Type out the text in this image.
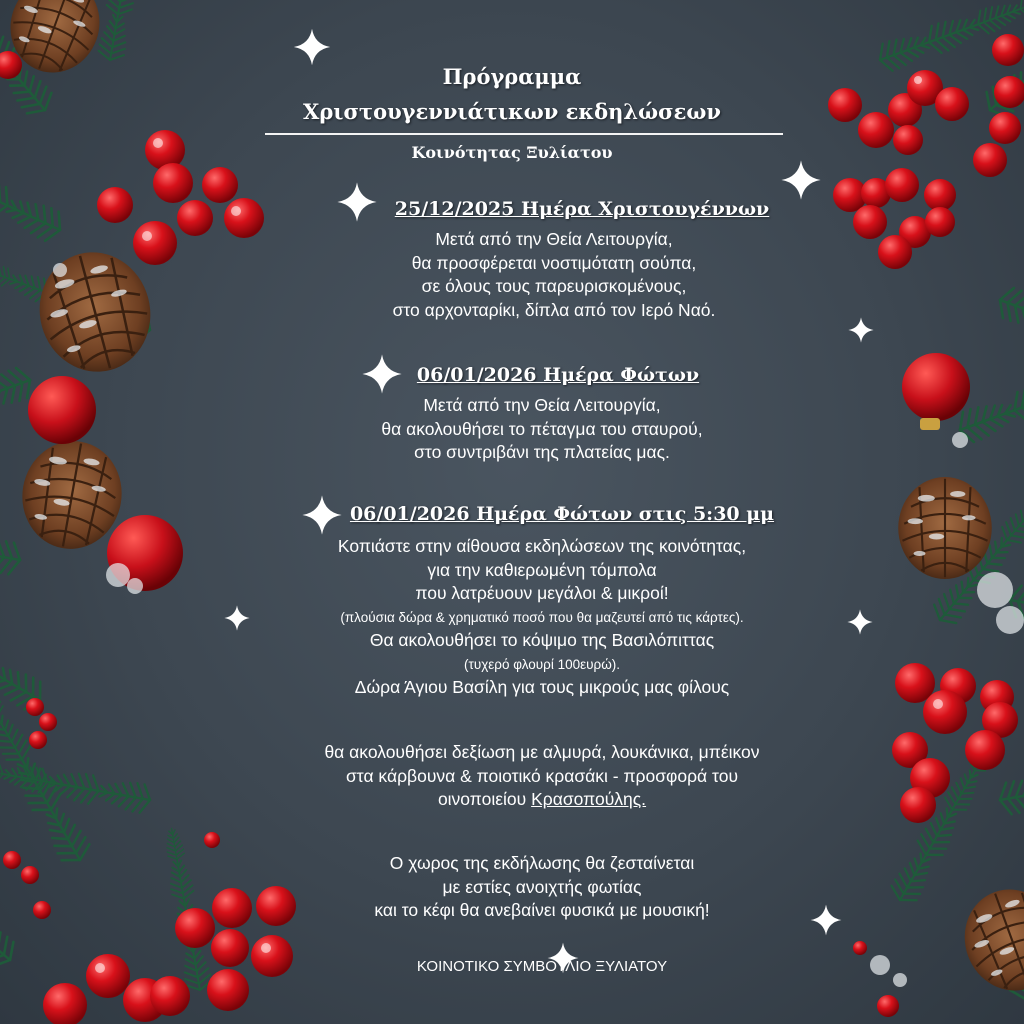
Πρόγραμμα
Χριστουγεννιάτικων εκδηλώσεων
Κοινότητας Ξυλίατου
25/12/2025 Ημέρα Χριστουγέννων
Μετά από την Θεία Λειτουργία,
θα προσφέρεται νοστιμότατη σούπα,
σε όλους τους παρευρισκομένους,
στο αρχονταρίκι, δίπλα από τον Ιερό Ναό.
06/01/2026 Ημέρα Φώτων
Μετά από την Θεία Λειτουργία,
θα ακολουθήσει το πέταγμα του σταυρού,
στο συντριβάνι της πλατείας μας.
06/01/2026 Ημέρα Φώτων στις 5:30 μμ
Κοπιάστε στην αίθουσα εκδηλώσεων της κοινότητας,
για την καθιερωμένη τόμπολα
που λατρέυουν μεγάλοι & μικροί!
(πλούσια δώρα & χρηματικό ποσό που θα μαζευτεί από τις κάρτες).
Θα ακολουθήσει το κόψιμο της Βασιλόπιττας
(τυχερό φλουρί 100ευρώ).
Δώρα Άγιου Βασίλη για τους μικρούς μας φίλους
θα ακολουθήσει δεξίωση με αλμυρά, λουκάνικα, μπέικον
στα κάρβουνα & ποιοτικό κρασάκι - προσφορά του
οινοποιείου Κρασοπούλης.
Ο χωρος της εκδήλωσης θα ζεσταίνεται
με εστίες ανοιχτής φωτίας
και το κέφι θα ανεβαίνει φυσικά με μουσική!
ΚΟΙΝΟΤΙΚΟ ΣΥΜΒΟΥΛΙΟ ΞΥΛΙΑΤΟΥ
